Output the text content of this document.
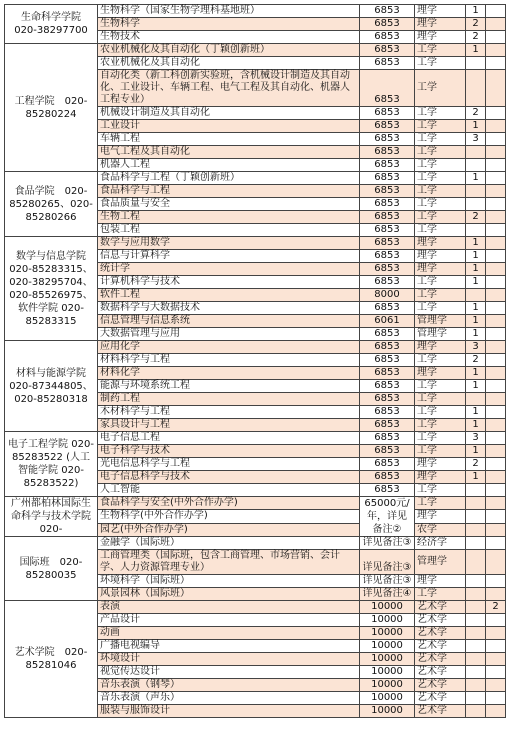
生命科学学院
020-38297700	生物科学（国家生物学理科基地班）	6853	理学	1	
	生物科学	6853	理学	2	
	生物技术	6853	理学	2	
工程学院　020-85280224	农业机械化及其自动化（丁颖创新班）	6853	工学	1	
	农业机械化及其自动化	6853	工学		
	自动化类（新工科创新实验班，含机械设计制造及其自动化、工业设计、车辆工程、电气工程及其自动化、机器人工程专业）	6853	工学		
	机械设计制造及其自动化	6853	工学	2	
	工业设计	6853	工学	1	
	车辆工程	6853	工学	3	
	电气工程及其自动化	6853	工学		
	机器人工程	6853	工学		
食品学院　020-85280265、020-85280266	食品科学与工程（丁颖创新班）	6853	工学	1	
	食品科学与工程	6853	工学		
	食品质量与安全	6853	工学		
	生物工程	6853	工学	2	
	包装工程	6853	工学		
数学与信息学院 020-85283315、020-38295704、020-85526975、软件学院 020-85283315	数学与应用数学	6853	理学	1	
	信息与计算科学	6853	理学	1	
	统计学	6853	理学	1	
	计算机科学与技术	6853	工学	1	
	软件工程	8000	工学		
	数据科学与大数据技术	6853	工学	1	
	信息管理与信息系统	6061	管理学	1	
	大数据管理与应用	6853	管理学	1	
材料与能源学院 020-87344805、020-85280318	应用化学	6853	理学	3	
	材料科学与工程	6853	工学	2	
	材料化学	6853	理学	1	
	能源与环境系统工程	6853	工学	1	
	制药工程	6853	工学		
	木材科学与工程	6853	工学	1	
	家具设计与工程	6853	工学	1	
电子工程学院 020-85283522 (人工智能学院 020-85283522)	电子信息工程	6853	工学	3	
	电子科学与技术	6853	工学	1	
	光电信息科学与工程	6853	理学	2	
	电子信息科学与技术	6853	理学	1	
	人工智能	6853	工学		
广州都柏林国际生命科学与技术学院　020-	食品科学与安全(中外合作办学)	65000元/年，详见备注②	工学		
	生物科学(中外合作办学)		理学		
	园艺(中外合作办学)		农学		
国际班　020-85280035	金融学（国际班）	详见备注③	经济学		
	工商管理类（国际班，包含工商管理、市场营销、会计学、人力资源管理专业）	详见备注③	管理学		
	环境科学（国际班）	详见备注③	理学		
	风景园林（国际班）	详见备注④	工学		
艺术学院　020-85281046	表演	10000	艺术学		2
	产品设计	10000	艺术学		
	动画	10000	艺术学		
	广播电视编导	10000	艺术学		
	环境设计	10000	艺术学		
	视觉传达设计	10000	艺术学		
	音乐表演（钢琴）	10000	艺术学		
	音乐表演（声乐）	10000	艺术学		
	服装与服饰设计	10000	艺术学		
